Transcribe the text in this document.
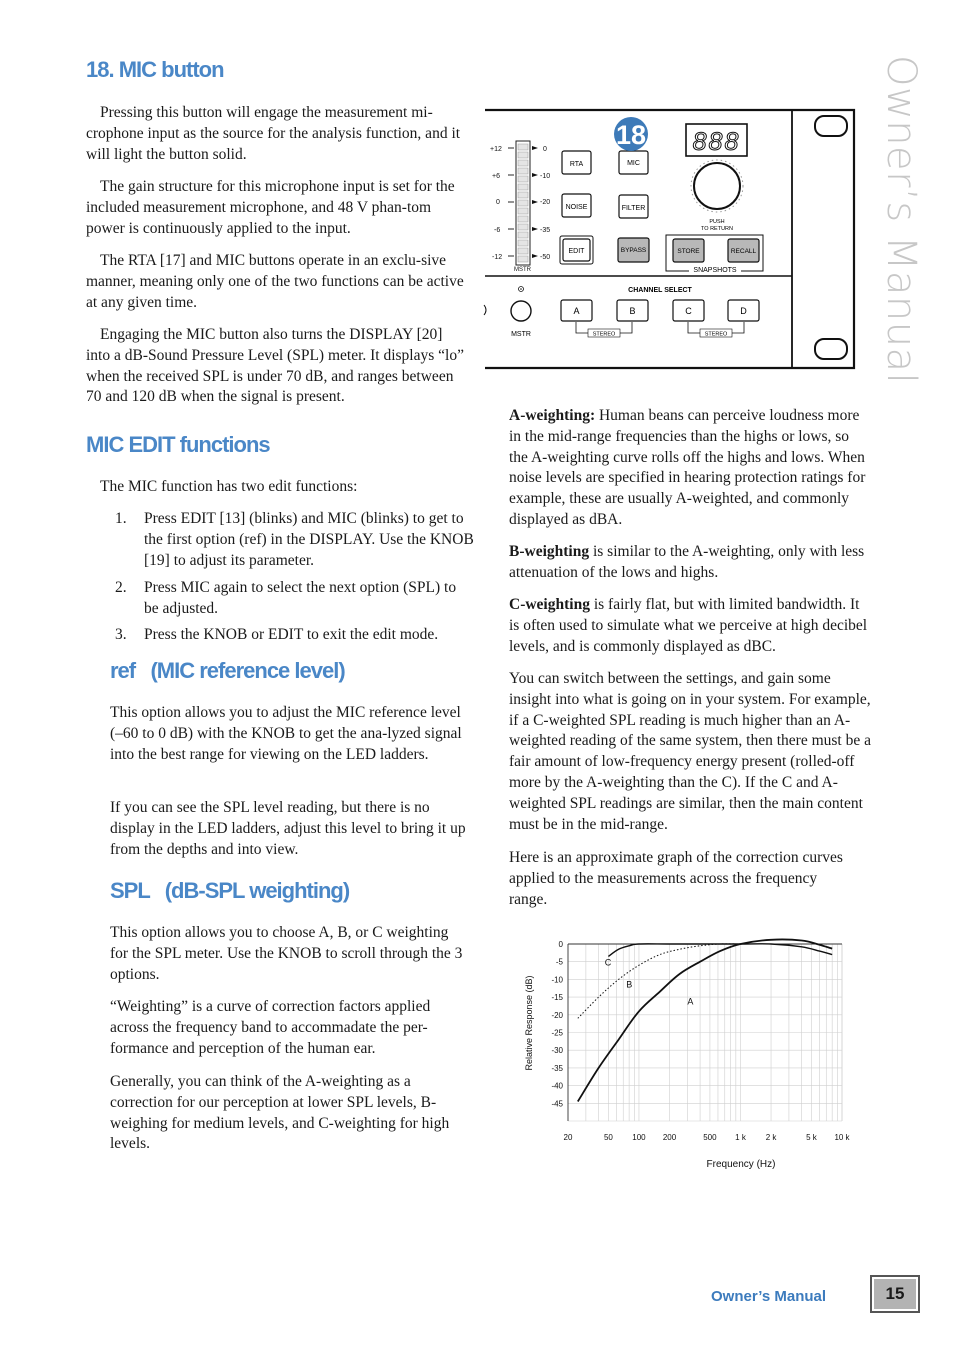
Owner’s Manual
18. MIC button
Pressing this button will engage the measurement mi-crophone input as the source for the analysis function, and it will light the button solid.
The gain structure for this microphone input is set for the included measurement microphone, and 48 V phan-tom power is continuously applied to the input.
The RTA [17] and MIC buttons operate in an exclu-sive manner, meaning only one of the two functions can be active at any given time.
Engaging the MIC button also turns the DISPLAY [20] into a dB-Sound Pressure Level (SPL) meter. It displays “lo” when the received SPL is under 70 dB, and ranges between 70 and 120 dB when the signal is present.
MIC EDIT functions
The MIC function has two edit functions:
1.	Press EDIT [13] (blinks) and MIC (blinks) to get to the first option (ref) in the DISPLAY. Use the KNOB [19] to adjust its parameter.
2.	Press MIC again to select the next option (SPL) to be adjusted.
3.	Press the KNOB or EDIT to exit the edit mode.
ref   (MIC reference level)
This option allows you to adjust the MIC reference level (–60 to 0 dB) with the KNOB to get the ana-lyzed signal into the best range for viewing on the LED ladders.
If you can see the SPL level reading, but there is no display in the LED ladders, adjust this level to bring it up from the depths and into view.
SPL   (dB-SPL weighting)
This option allows you to choose A, B, or C weighting for the SPL meter. Use the KNOB to scroll through the 3 options.
“Weighting” is a curve of correction factors applied across the frequency band to accommadate the per-formance and perception of the human ear.
Generally, you can think of the A-weighting as a correction for our perception at lower SPL levels, B-weighing for medium levels, and C-weighting for high levels.
+12
+6
0
-6
-12
0
-10
-20
-35
-50
MSTR
RTA
NOISE
EDIT
MIC
FILTER
BYPASS
18 888
PUSH
TO RETURN
STORE	RECALL
SNAPSHOTS
MSTR
CHANNEL SELECT
A	B	C	D
STEREO	STEREO
A-weighting: Human beans can perceive loudness more in the mid-range frequencies than the highs or lows, so the A-weighting curve rolls off the highs and lows. When noise levels are specified in hearing protection ratings for example, these are usually A-weighted, and commonly displayed as dBA.
B-weighting is similar to the A-weighting, only with less attenuation of the lows and highs.
C-weighting is fairly flat, but with limited bandwidth. It is often used to simulate what we perceive at high decibel levels, and is commonly displayed as dBC.
You can switch between the settings, and gain some insight into what is going on in your system. For example, if a C-weighted SPL reading is much higher than an A-weighted reading of the same system, then there must be a fair amount of low-frequency energy present (rolled-off more by the A-weighting than the C). If the C and A-weighted SPL readings are similar, then the main content must be in the mid-range.
Here is an approximate graph of the correction curves applied to the measurements across the frequency range.
0
-5
-10
-15
-20
-25
-30
-35
-40
-45
20	50 100 200	500 1 k 2 k	5 k 10 k
C
B
A
Frequency (Hz)
Relative Response (dB)
Owner’s Manual	15
